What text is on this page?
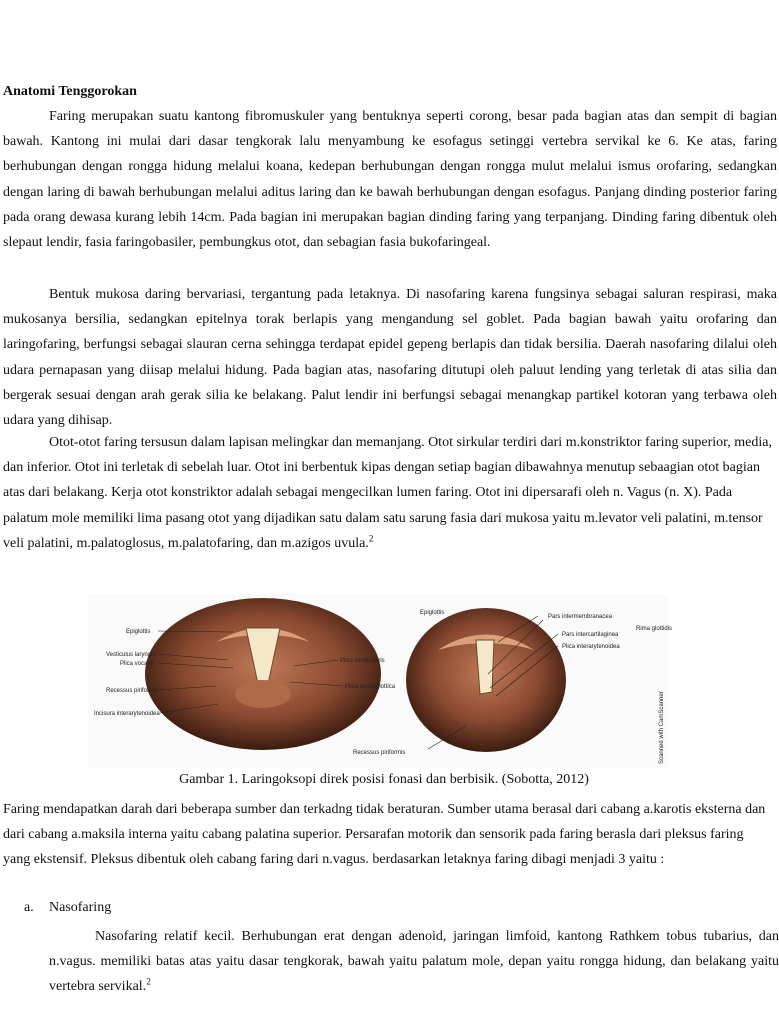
Anatomi Tenggorokan

Faring merupakan suatu kantong fibromuskuler yang bentuknya seperti corong, besar pada bagian atas dan sempit di bagian bawah. Kantong ini mulai dari dasar tengkorak lalu menyambung ke esofagus setinggi vertebra servikal ke 6. Ke atas, faring berhubungan dengan rongga hidung melalui koana, kedepan berhubungan dengan rongga mulut melalui ismus orofaring, sedangkan dengan laring di bawah berhubungan melalui aditus laring dan ke bawah berhubungan dengan esofagus. Panjang dinding posterior faring pada orang dewasa kurang lebih 14cm. Pada bagian ini merupakan bagian dinding faring yang terpanjang. Dinding faring dibentuk oleh slepaut lendir, fasia faringobasiler, pembungkus otot, dan sebagian fasia bukofaringeal.

Bentuk mukosa daring bervariasi, tergantung pada letaknya. Di nasofaring karena fungsinya sebagai saluran respirasi, maka mukosanya bersilia, sedangkan epitelnya torak berlapis yang mengandung sel goblet. Pada bagian bawah yaitu orofaring dan laringofaring, berfungsi sebagai slauran cerna sehingga terdapat epidel gepeng berlapis dan tidak bersilia. Daerah nasofaring dilalui oleh udara pernapasan yang diisap melalui hidung. Pada bagian atas, nasofaring ditutupi oleh paluut lending yang terletak di atas silia dan bergerak sesuai dengan arah gerak silia ke belakang. Palut lendir ini berfungsi sebagai menangkap partikel kotoran yang terbawa oleh udara yang dihisap.

Otot-otot faring tersusun dalam lapisan melingkar dan memanjang. Otot sirkular terdiri dari m.konstriktor faring superior, media, dan inferior. Otot ini terletak di sebelah luar. Otot ini berbentuk kipas dengan setiap bagian dibawahnya menutup sebaagian otot bagian atas dari belakang. Kerja otot konstriktor adalah sebagai mengecilkan lumen faring. Otot ini dipersarafi oleh n. Vagus (n. X). Pada palatum mole memiliki lima pasang otot yang dijadikan satu dalam satu sarung fasia dari mukosa yaitu m.levator veli palatini, m.tensor veli palatini, m.palatoglosus, m.palatofaring, dan m.azigos uvula.$^2$

Epiglottis
Vesticulus laryngis
Plica vocalis
Recessus piriformis
Incisura interarytenoidea
Plica vestibularis
Plica aryepiglottica
Epiglottis
Pars intermembranacea
Pars intercartilaginea
Plica interarytenoidea
Recessus piriformis
Rima glottidis
Scanned with CamScanner
Gambar 1. Laringoksopi direk posisi fonasi dan berbisik. (Sobotta, 2012)

Faring mendapatkan darah dari beberapa sumber dan terkadng tidak beraturan. Sumber utama berasal dari cabang a.karotis eksterna dan dari cabang a.maksila interna yaitu cabang palatina superior. Persarafan motorik dan sensorik pada faring berasla dari pleksus faring yang ekstensif. Pleksus dibentuk oleh cabang faring dari n.vagus. berdasarkan letaknya faring dibagi menjadi 3 yaitu :

a. Nasofaring

Nasofaring relatif kecil. Berhubungan erat dengan adenoid, jaringan limfoid, kantong Rathkem tobus tubarius, dan n.vagus. memiliki batas atas yaitu dasar tengkorak, bawah yaitu palatum mole, depan yaitu rongga hidung, dan belakang yaitu vertebra servikal.$^2$
